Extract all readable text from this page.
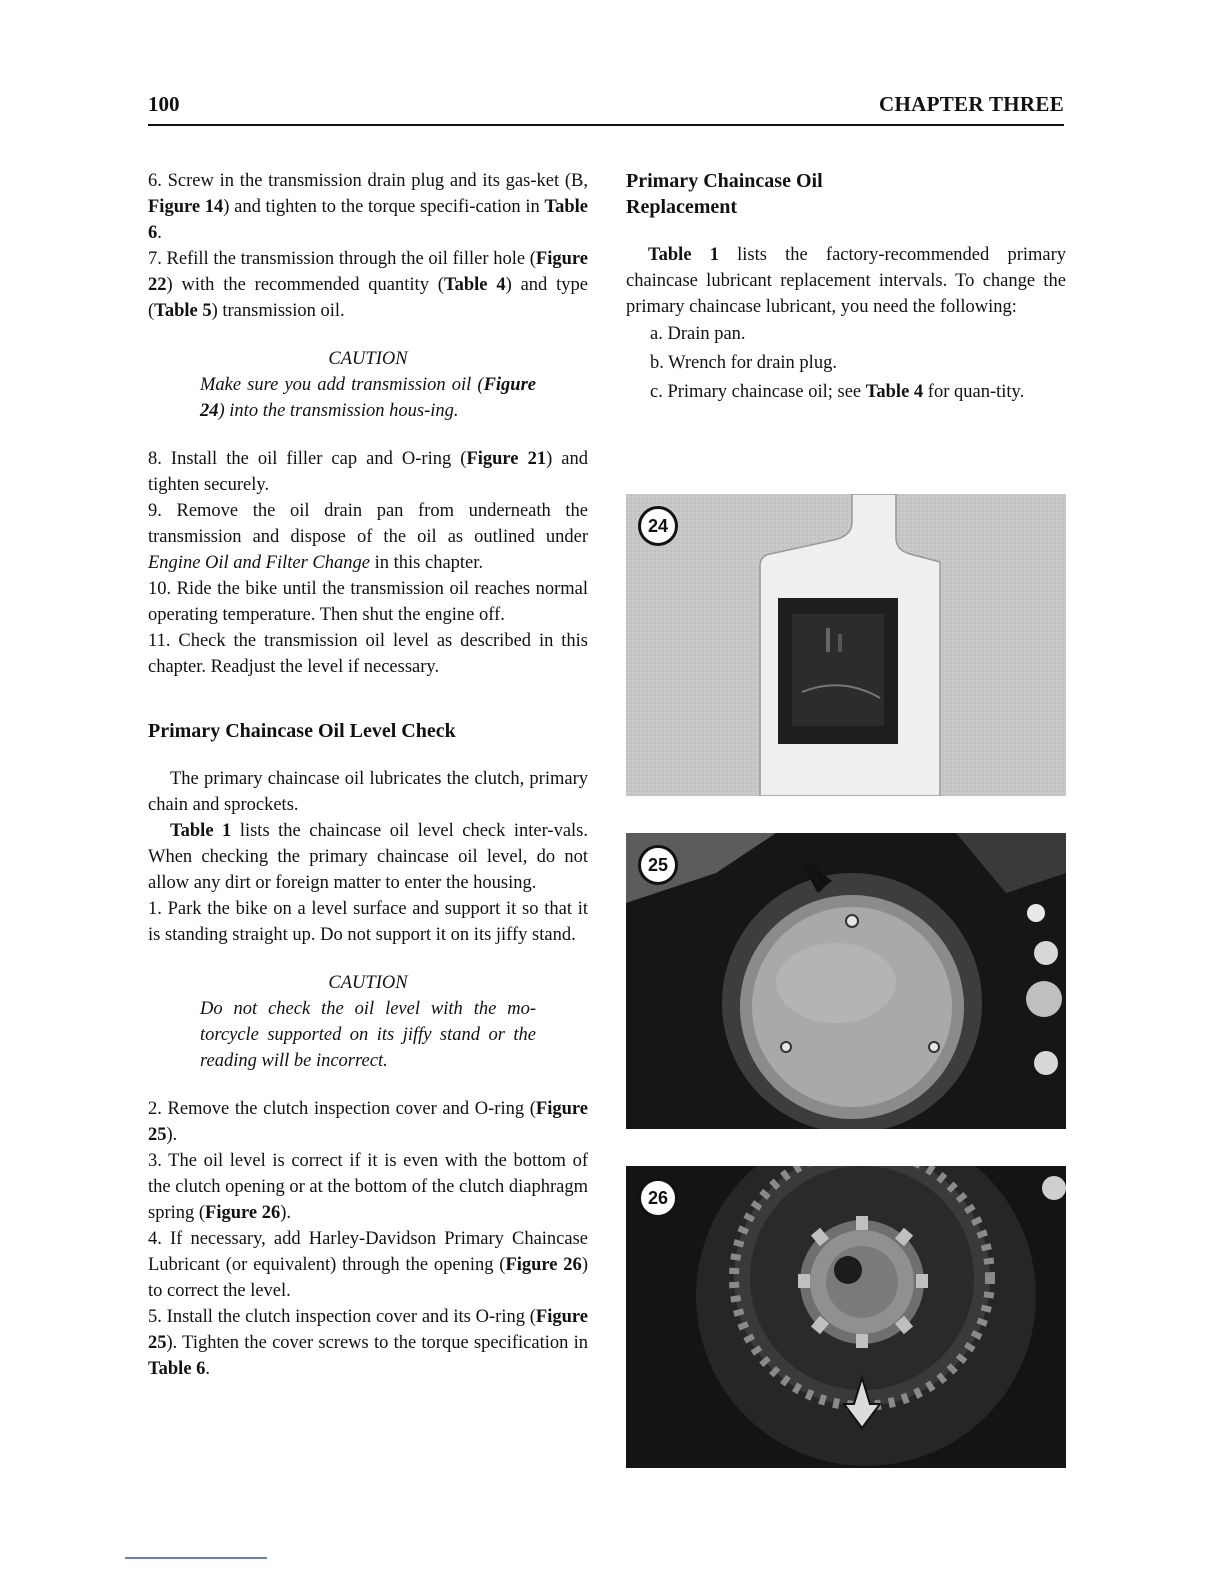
100	CHAPTER THREE

6. Screw in the transmission drain plug and its gas-ket (B, Figure 14) and tighten to the torque specifi-cation in Table 6.

7. Refill the transmission through the oil filler hole (Figure 22) with the recommended quantity (Table 4) and type (Table 5) transmission oil.

CAUTION

Make sure you add transmission oil (Figure 24) into the transmission hous-ing.

8. Install the oil filler cap and O-ring (Figure 21) and tighten securely.

9. Remove the oil drain pan from underneath the transmission and dispose of the oil as outlined under Engine Oil and Filter Change in this chapter.

10. Ride the bike until the transmission oil reaches normal operating temperature. Then shut the engine off.

11. Check the transmission oil level as described in this chapter. Readjust the level if necessary.

Primary Chaincase Oil Level Check

The primary chaincase oil lubricates the clutch, primary chain and sprockets.

Table 1 lists the chaincase oil level check inter-vals. When checking the primary chaincase oil level, do not allow any dirt or foreign matter to enter the housing.

1. Park the bike on a level surface and support it so that it is standing straight up. Do not support it on its jiffy stand.

CAUTION

Do not check the oil level with the mo-torcycle supported on its jiffy stand or the reading will be incorrect.

2. Remove the clutch inspection cover and O-ring (Figure 25).

3. The oil level is correct if it is even with the bottom of the clutch opening or at the bottom of the clutch diaphragm spring (Figure 26).

4. If necessary, add Harley-Davidson Primary Chaincase Lubricant (or equivalent) through the opening (Figure 26) to correct the level.

5. Install the clutch inspection cover and its O-ring (Figure 25). Tighten the cover screws to the torque specification in Table 6.

Primary Chaincase Oil
Replacement

Table 1 lists the factory-recommended primary chaincase lubricant replacement intervals. To change the primary chaincase lubricant, you need the following:

a. Drain pan.
b. Wrench for drain plug.
c. Primary chaincase oil; see Table 4 for quan-tity.
24
25
26
